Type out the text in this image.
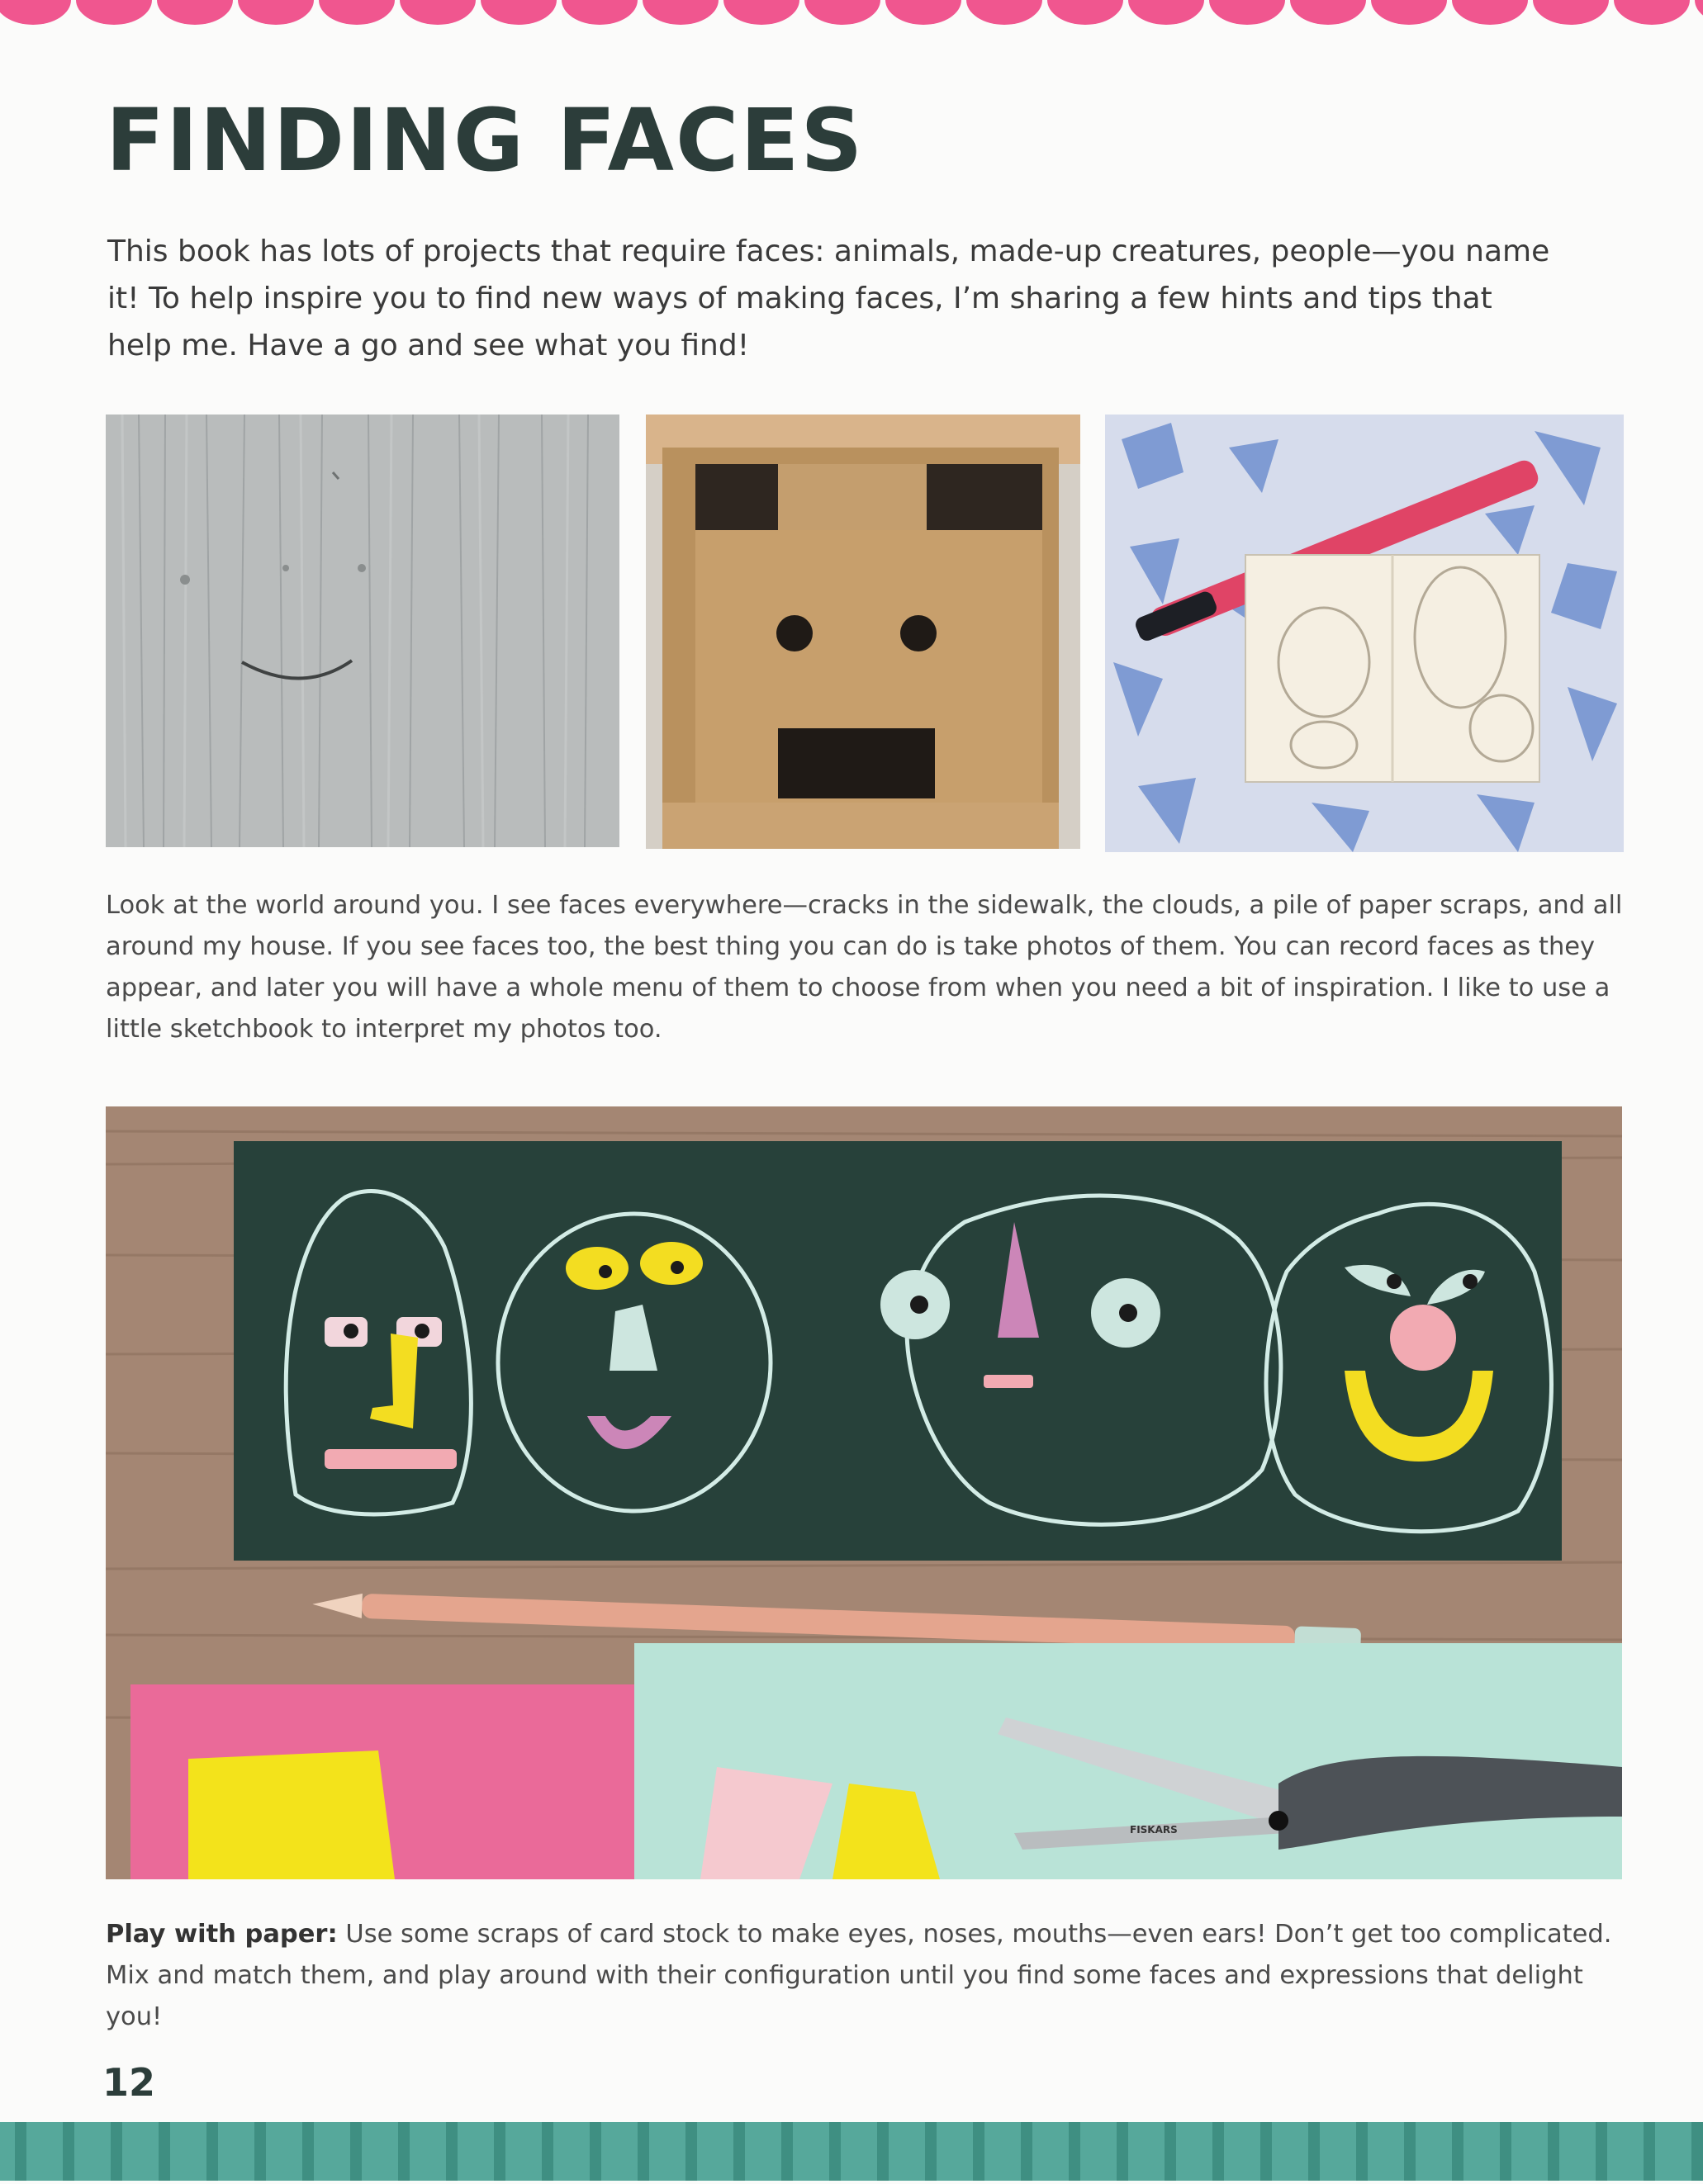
FINDING FACES

This book has lots of projects that require faces: animals, made-up creatures, people—you name it! To help inspire you to find new ways of making faces, I’m sharing a few hints and tips that help me. Have a go and see what you find!

Look at the world around you. I see faces everywhere—cracks in the sidewalk, the clouds, a pile of paper scraps, and all around my house. If you see faces too, the best thing you can do is take photos of them. You can record faces as they appear, and later you will have a whole menu of them to choose from when you need a bit of inspiration. I like to use a little sketchbook to interpret my photos too.

FISKARS

Play with paper: Use some scraps of card stock to make eyes, noses, mouths—even ears! Don’t get too complicated. Mix and match them, and play around with their configuration until you find some faces and expressions that delight you!

12
